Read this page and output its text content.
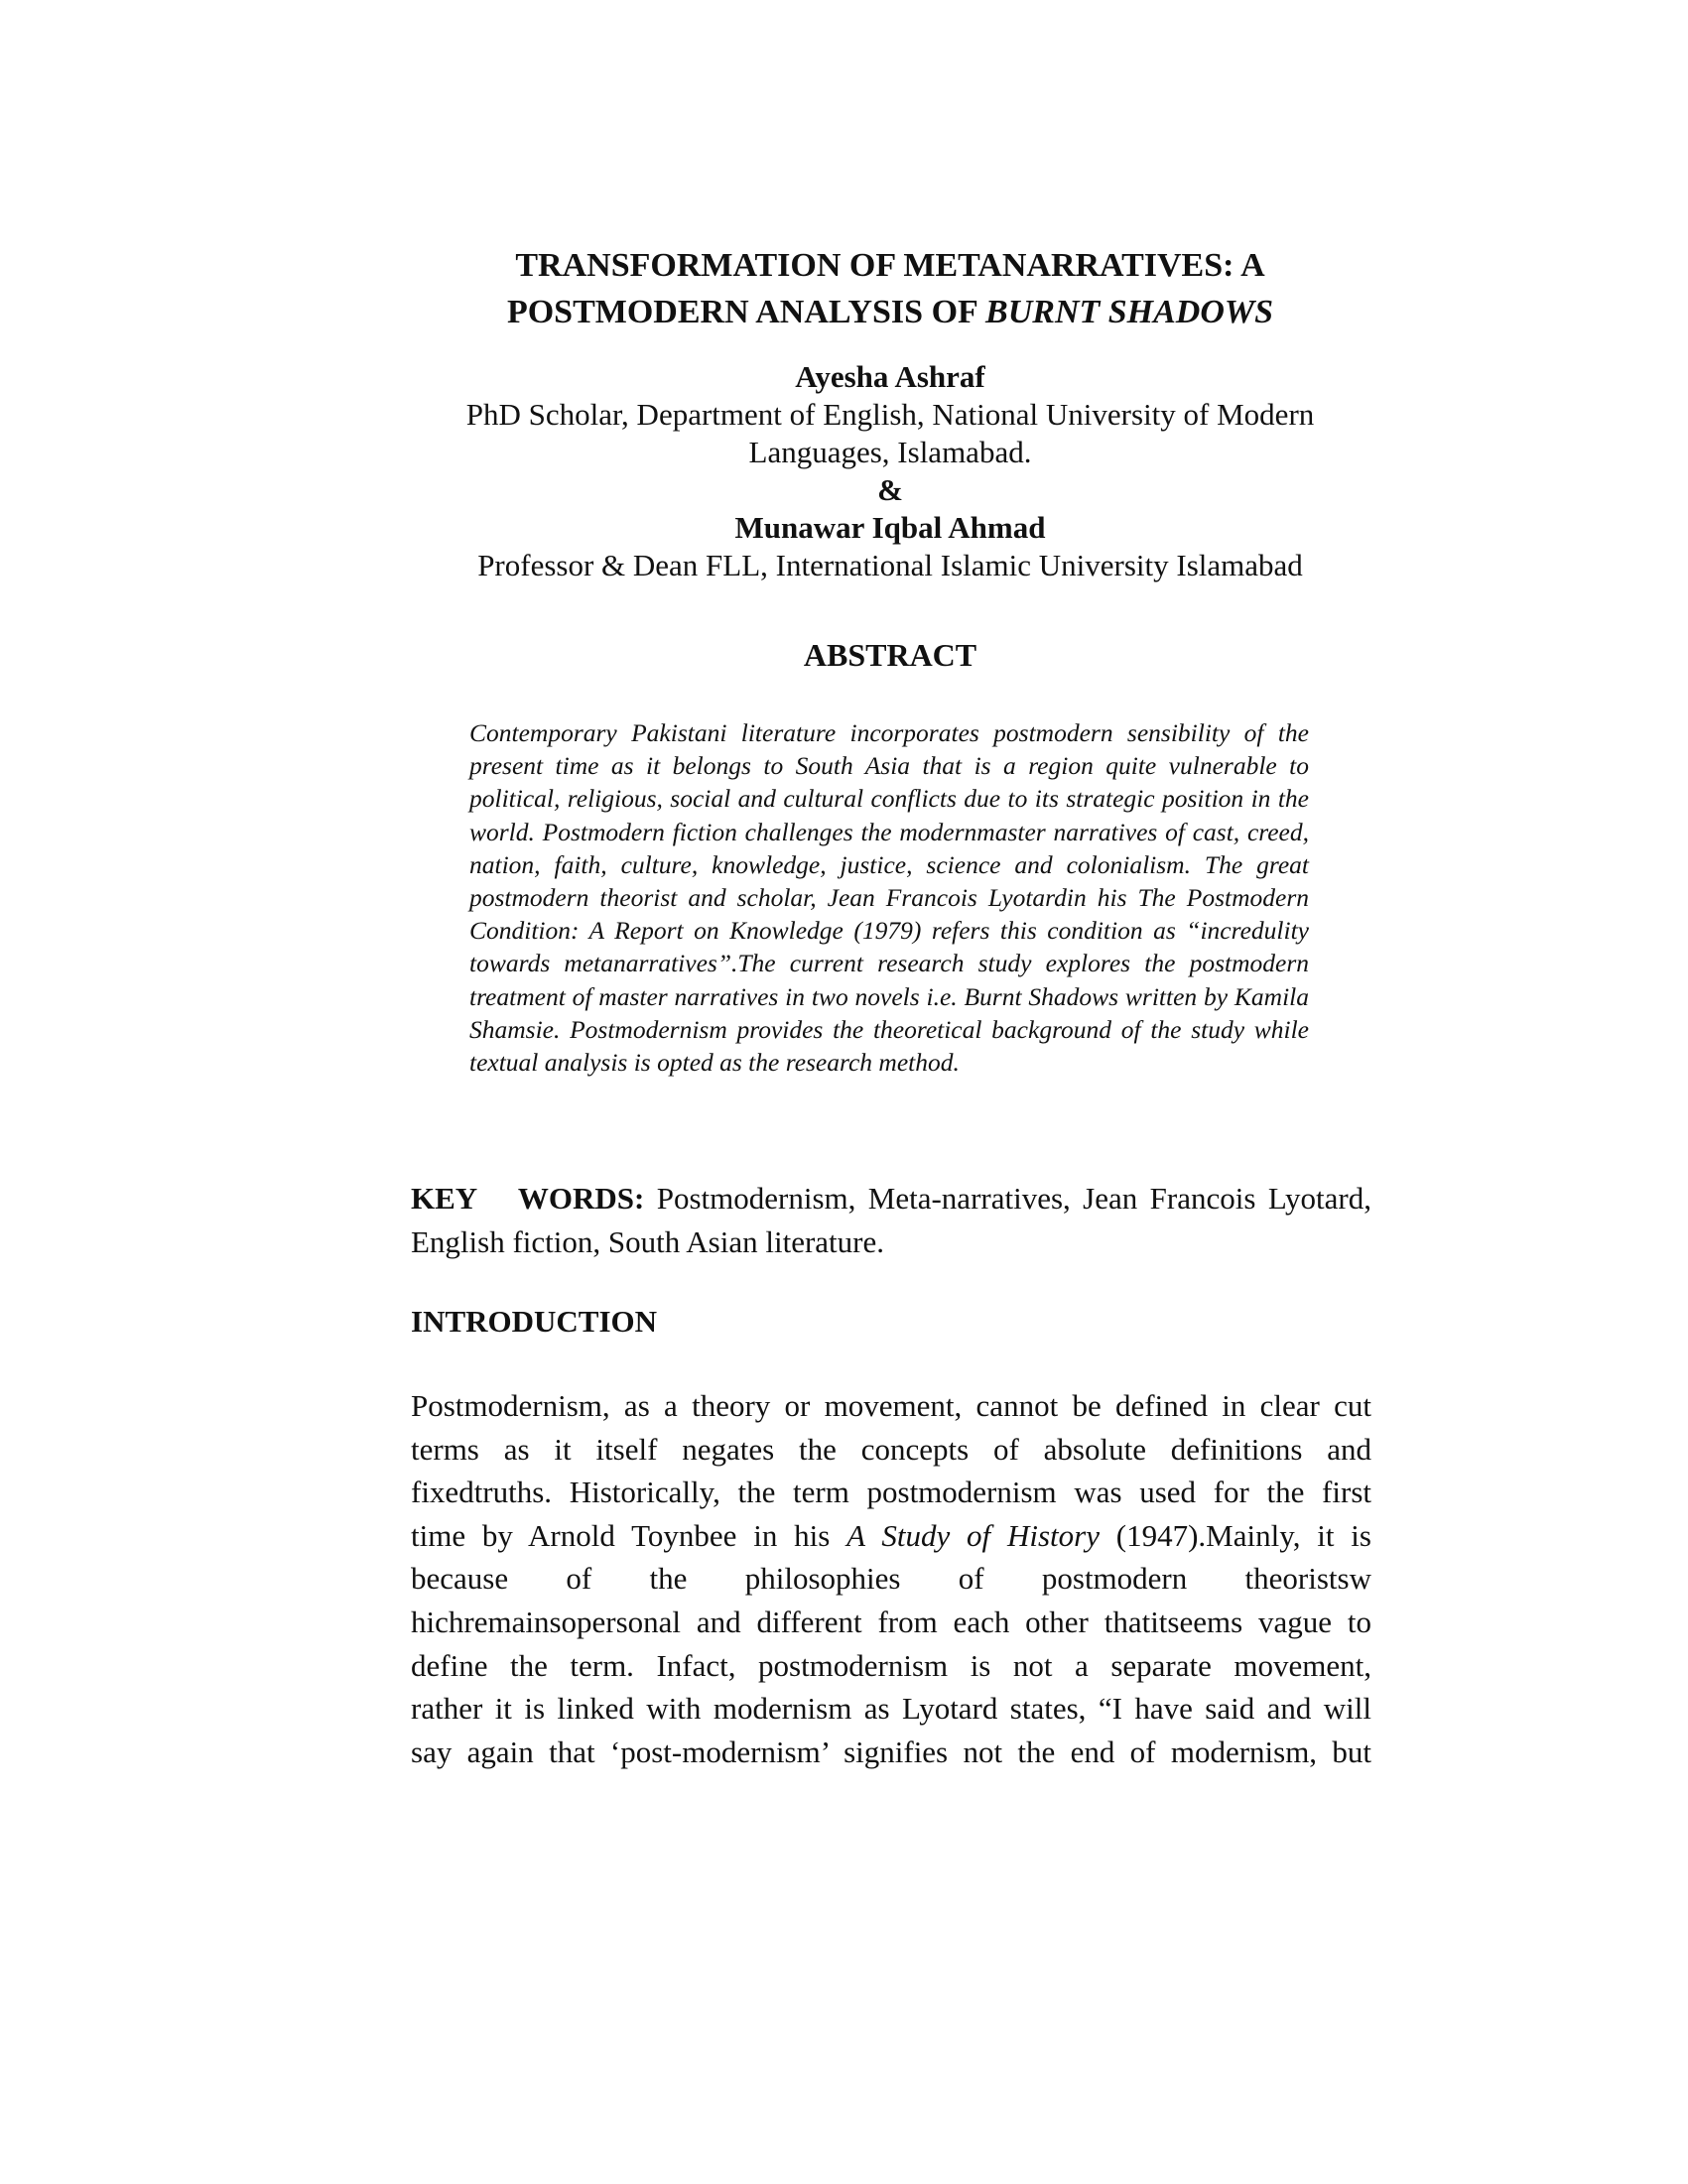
TRANSFORMATION OF METANARRATIVES: A
POSTMODERN ANALYSIS OF BURNT SHADOWS
Ayesha Ashraf
PhD Scholar, Department of English, National University of Modern
Languages, Islamabad.
&
Munawar Iqbal Ahmad
Professor & Dean FLL, International Islamic University Islamabad
ABSTRACT
Contemporary Pakistani literature incorporates postmodern sensibility of the present time as it belongs to South Asia that is a region quite vulnerable to political, religious, social and cultural conflicts due to its strategic position in the world. Postmodern fiction challenges the modernmaster narratives of cast, creed, nation, faith, culture, knowledge, justice, science and colonialism. The great postmodern theorist and scholar, Jean Francois Lyotardin his The Postmodern Condition: A Report on Knowledge (1979) refers this condition as “incredulity towards metanarratives”.The current research study explores the postmodern treatment of master narratives in two novels i.e. Burnt Shadows written by Kamila Shamsie. Postmodernism provides the theoretical background of the study while textual analysis is opted as the research method.
KEY WORDS: Postmodernism, Meta-narratives, Jean Francois Lyotard, English fiction, South Asian literature.
INTRODUCTION
Postmodernism, as a theory or movement, cannot be defined in clear cut
terms as it itself negates the concepts of absolute definitions and
fixedtruths. Historically, the term postmodernism was used for the first
time by Arnold Toynbee in his A Study of History (1947).Mainly, it is
because of the philosophies of postmodern theoristsw
hichremainsopersonal and different from each other thatitseems vague to
define the term. Infact, postmodernism is not a separate movement,
rather it is linked with modernism as Lyotard states, “I have said and will
say again that ‘post-modernism’ signifies not the end of modernism, but
